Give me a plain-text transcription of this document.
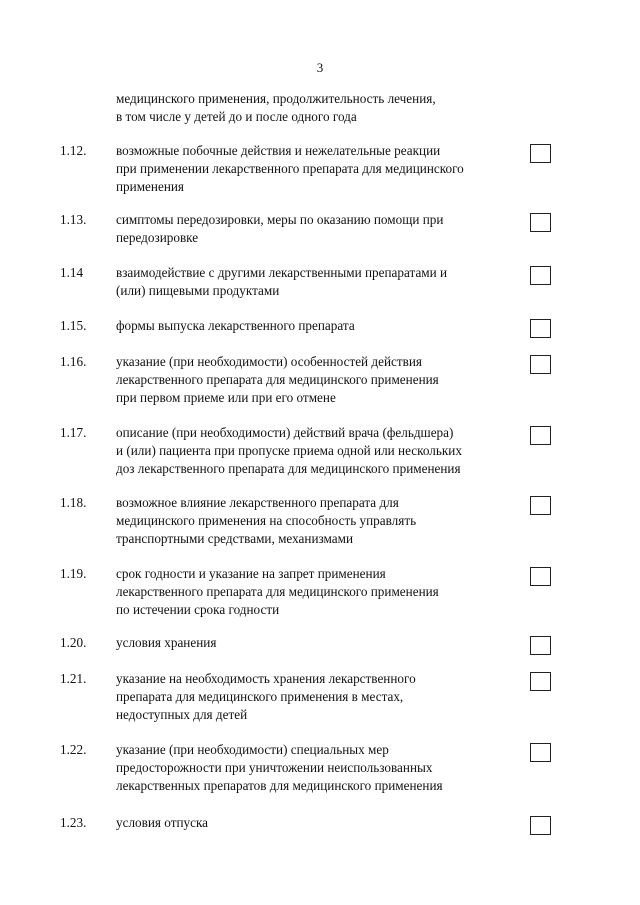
3
медицинского применения, продолжительность лечения,
в том числе у детей до и после одного года
1.12. возможные побочные действия и нежелательные реакции
при применении лекарственного препарата для медицинского
применения
1.13. симптомы передозировки, меры по оказанию помощи при
передозировке
1.14 взаимодействие с другими лекарственными препаратами и
(или) пищевыми продуктами
1.15. формы выпуска лекарственного препарата
1.16. указание (при необходимости) особенностей действия
лекарственного препарата для медицинского применения
при первом приеме или при его отмене
1.17. описание (при необходимости) действий врача (фельдшера)
и (или) пациента при пропуске приема одной или нескольких
доз лекарственного препарата для медицинского применения
1.18. возможное влияние лекарственного препарата для
медицинского применения на способность управлять
транспортными средствами, механизмами
1.19. срок годности и указание на запрет применения
лекарственного препарата для медицинского применения
по истечении срока годности
1.20. условия хранения
1.21. указание на необходимость хранения лекарственного
препарата для медицинского применения в местах,
недоступных для детей
1.22. указание (при необходимости) специальных мер
предосторожности при уничтожении неиспользованных
лекарственных препаратов для медицинского применения
1.23. условия отпуска
